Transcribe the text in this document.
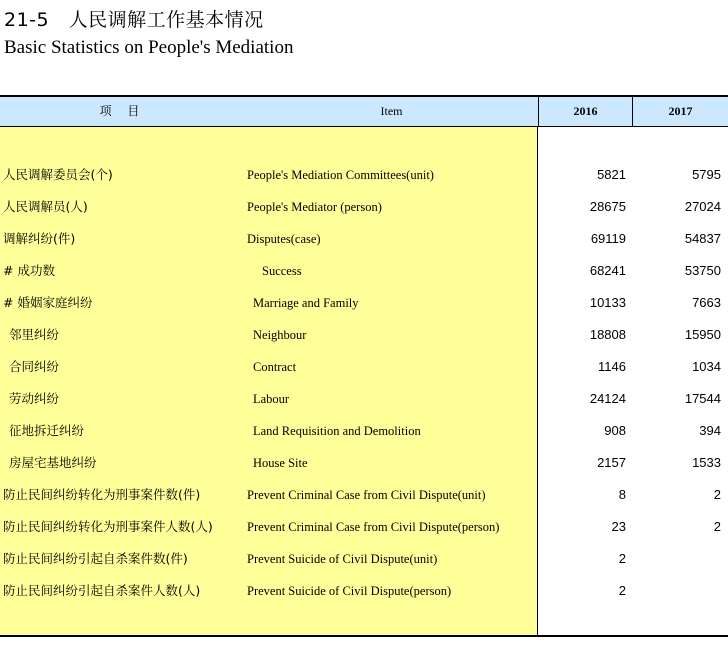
21-5　人民调解工作基本情况
Basic Statistics on People's Mediation
项 目	Item	2016	2017
人民调解委员会(个)	People's Mediation Committees(unit)	5821	5795
人民调解员(人)	People's Mediator (person)	28675	27024
调解纠纷(件)	Disputes(case)	69119	54837
# 成功数	Success	68241	53750
# 婚姻家庭纠纷	Marriage and Family	10133	7663
邻里纠纷	Neighbour	18808	15950
合同纠纷	Contract	1146	1034
劳动纠纷	Labour	24124	17544
征地拆迁纠纷	Land Requisition and Demolition	908	394
房屋宅基地纠纷	House Site	2157	1533
防止民间纠纷转化为刑事案件数(件)	Prevent Criminal Case from Civil Dispute(unit)	8	2
防止民间纠纷转化为刑事案件人数(人)	Prevent Criminal Case from Civil Dispute(person)	23	2
防止民间纠纷引起自杀案件数(件)	Prevent Suicide of Civil Dispute(unit)	2
防止民间纠纷引起自杀案件人数(人)	Prevent Suicide of Civil Dispute(person)	2
